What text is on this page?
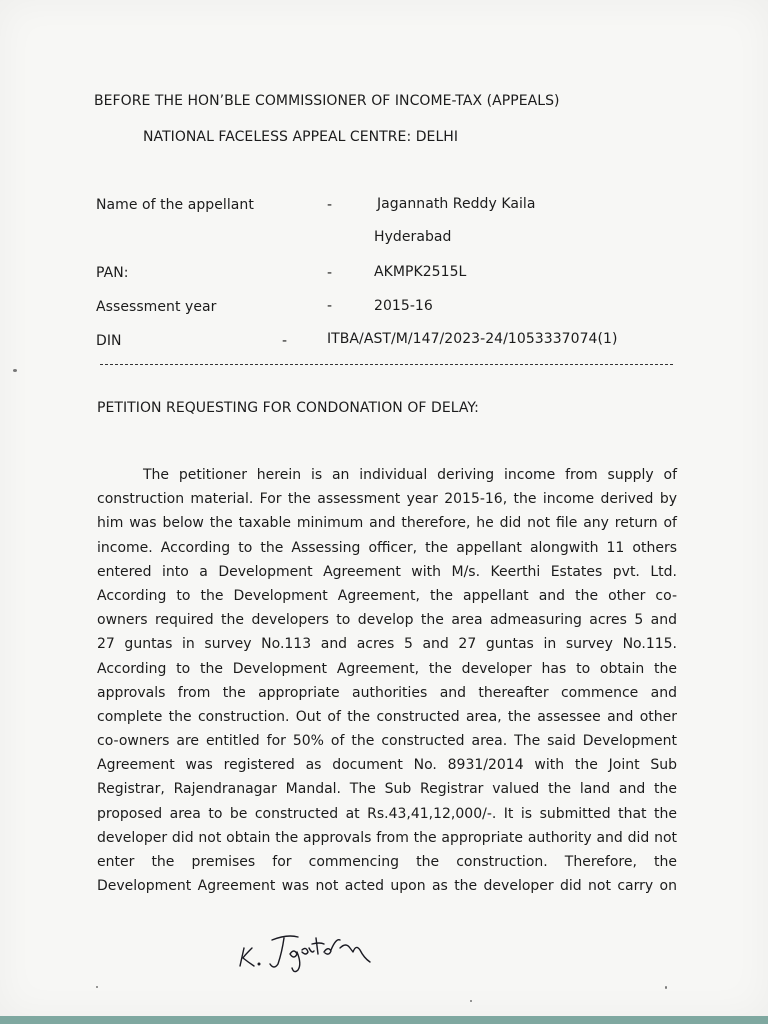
BEFORE THE HON’BLE COMMISSIONER OF INCOME-TAX (APPEALS)
NATIONAL FACELESS APPEAL CENTRE: DELHI
Name of the appellant	-	Jagannath Reddy Kaila
Hyderabad
PAN:	-	AKMPK2515L
Assessment year	-	2015-16
DIN	-	ITBA/AST/M/147/2023-24/1053337074(1)
PETITION REQUESTING FOR CONDONATION OF DELAY:
The petitioner herein is an individual deriving income from supply of
construction material. For the assessment year 2015-16, the income derived by
him was below the taxable minimum and therefore, he did not file any return of
income. According to the Assessing officer, the appellant alongwith 11 others
entered into a Development Agreement with M/s. Keerthi Estates pvt. Ltd.
According to the Development Agreement, the appellant and the other co-
owners required the developers to develop the area admeasuring acres 5 and
27 guntas in survey No.113 and acres 5 and 27 guntas in survey No.115.
According to the Development Agreement, the developer has to obtain the
approvals from the appropriate authorities and thereafter commence and
complete the construction. Out of the constructed area, the assessee and other
co-owners are entitled for 50% of the constructed area. The said Development
Agreement was registered as document No. 8931/2014 with the Joint Sub
Registrar, Rajendranagar Mandal. The Sub Registrar valued the land and the
proposed area to be constructed at Rs.43,41,12,000/-. It is submitted that the
developer did not obtain the approvals from the appropriate authority and did not
enter the premises for commencing the construction. Therefore, the
Development Agreement was not acted upon as the developer did not carry on
